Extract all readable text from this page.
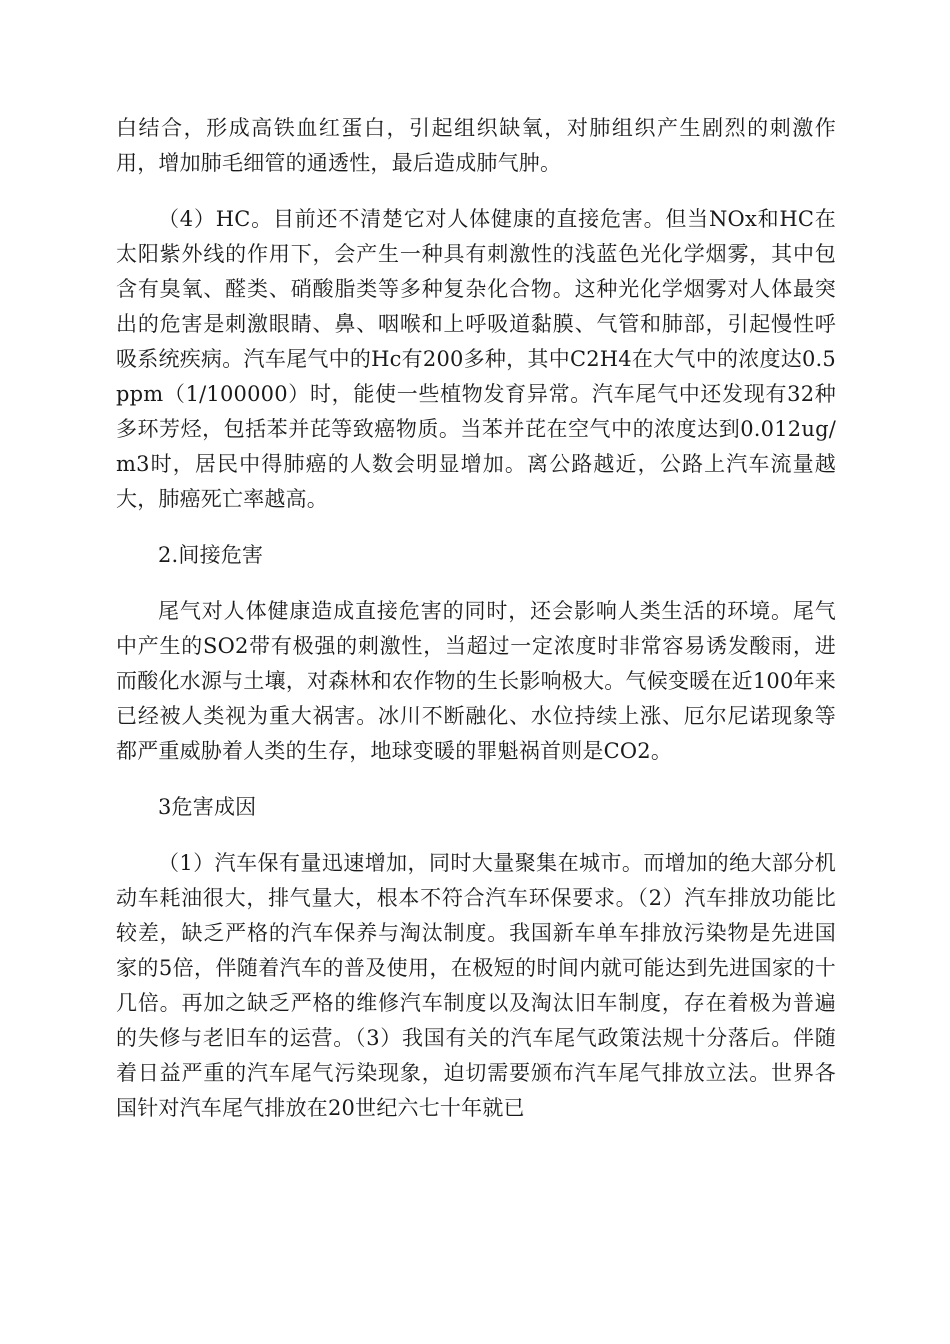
白结合，形成高铁血红蛋白，引起组织缺氧，对肺组织产生剧烈的刺激作用，增加肺毛细管的通透性，最后造成肺气肿。

（4）HC。目前还不清楚它对人体健康的直接危害。但当NOx和HC在太阳紫外线的作用下，会产生一种具有刺激性的浅蓝色光化学烟雾，其中包含有臭氧、醛类、硝酸脂类等多种复杂化合物。这种光化学烟雾对人体最突出的危害是刺激眼睛、鼻、咽喉和上呼吸道黏膜、气管和肺部，引起慢性呼吸系统疾病。汽车尾气中的Hc有200多种，其中C2H4在大气中的浓度达0.5ppm（1/100000）时，能使一些植物发育异常。汽车尾气中还发现有32种多环芳烃，包括苯并芘等致癌物质。当苯并芘在空气中的浓度达到0.012ug/m3时，居民中得肺癌的人数会明显增加。离公路越近，公路上汽车流量越大，肺癌死亡率越高。

2.间接危害

尾气对人体健康造成直接危害的同时，还会影响人类生活的环境。尾气中产生的SO2带有极强的刺激性，当超过一定浓度时非常容易诱发酸雨，进而酸化水源与土壤，对森林和农作物的生长影响极大。气候变暖在近100年来已经被人类视为重大祸害。冰川不断融化、水位持续上涨、厄尔尼诺现象等都严重威胁着人类的生存，地球变暖的罪魁祸首则是CO2。

3危害成因

（1）汽车保有量迅速增加，同时大量聚集在城市。而增加的绝大部分机动车耗油很大，排气量大，根本不符合汽车环保要求。（2）汽车排放功能比较差，缺乏严格的汽车保养与淘汰制度。我国新车单车排放污染物是先进国家的5倍，伴随着汽车的普及使用，在极短的时间内就可能达到先进国家的十几倍。再加之缺乏严格的维修汽车制度以及淘汰旧车制度，存在着极为普遍的失修与老旧车的运营。（3）我国有关的汽车尾气政策法规十分落后。伴随着日益严重的汽车尾气污染现象，迫切需要颁布汽车尾气排放立法。世界各国针对汽车尾气排放在20世纪六七十年就已
